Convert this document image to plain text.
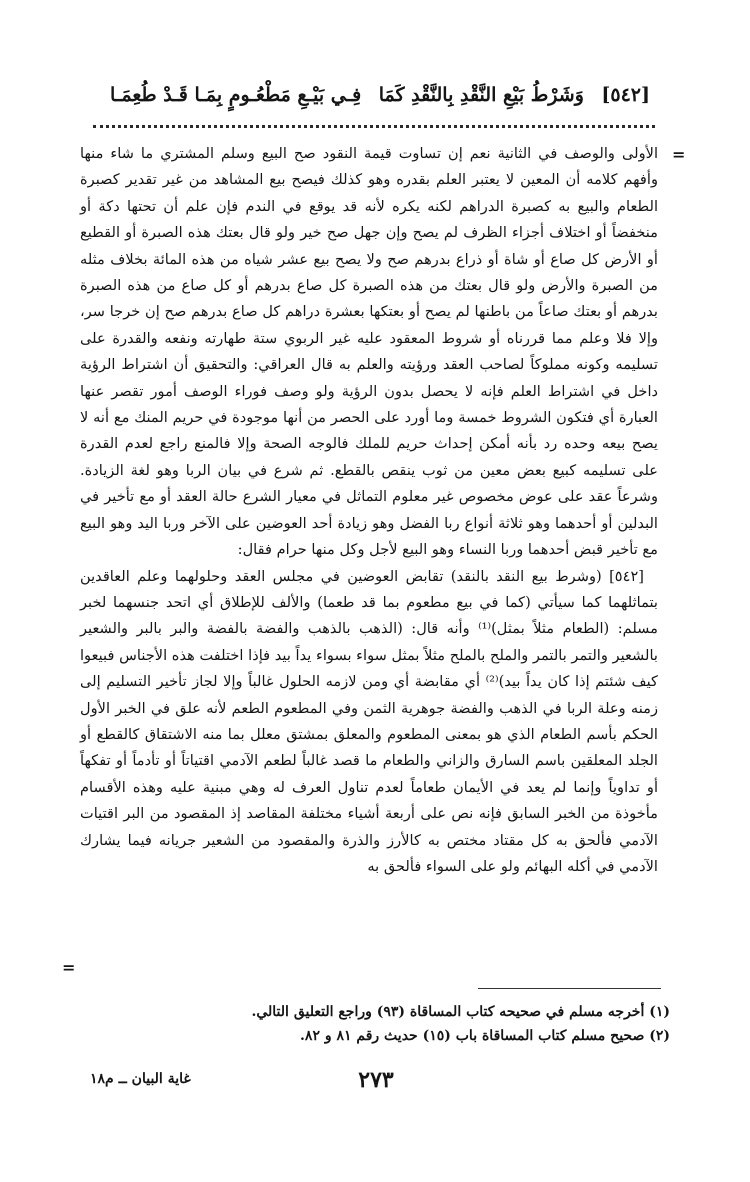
[٥٤٢]
وَشَرْطُ بَيْعِ النَّقْدِ بِالنَّقْدِ كَمَا
فِـي بَيْـعِ مَطْعُـومٍ بِمَـا قَـدْ طُعِمَـا
=

الأولى والوصف في الثانية نعم إن تساوت قيمة النقود صح البيع وسلم المشتري ما شاء منها وأفهم كلامه أن المعين لا يعتبر العلم بقدره وهو كذلك فيصح بيع المشاهد من غير تقدير كصبرة الطعام والبيع به كصبرة الدراهم لكنه يكره لأنه قد يوقع في الندم فإن علم أن تحتها دكة أو منخفضاً أو اختلاف أجزاء الظرف لم يصح وإن جهل صح خير ولو قال بعتك هذه الصبرة أو القطيع أو الأرض كل صاع أو شاة أو ذراع بدرهم صح ولا يصح بيع عشر شياه من هذه المائة بخلاف مثله من الصبرة والأرض ولو قال بعتك من هذه الصبرة كل صاع بدرهم أو كل صاع من هذه الصبرة بدرهم أو بعتك صاعاً من باطنها لم يصح أو بعتكها بعشرة دراهم كل صاع بدرهم صح إن خرجا سر، وإلا فلا وعلم مما قررناه أو شروط المعقود عليه غير الربوي ستة طهارته ونفعه والقدرة على تسليمه وكونه مملوكاً لصاحب العقد ورؤيته والعلم به قال العراقي: والتحقيق أن اشتراط الرؤية داخل في اشتراط العلم فإنه لا يحصل بدون الرؤية ولو وصف فوراء الوصف أمور تقصر عنها العبارة أي فتكون الشروط خمسة وما أورد على الحصر من أنها موجودة في حريم المنك مع أنه لا يصح بيعه وحده رد بأنه أمكن إحداث حريم للملك فالوجه الصحة وإلا فالمنع راجع لعدم القدرة على تسليمه كبيع بعض معين من ثوب ينقص بالقطع. ثم شرع في بيان الربا وهو لغة الزيادة. وشرعاً عقد على عوض مخصوص غير معلوم التماثل في معيار الشرع حالة العقد أو مع تأخير في البدلين أو أحدهما وهو ثلاثة أنواع ربا الفضل وهو زيادة أحد العوضين على الآخر وربا اليد وهو البيع مع تأخير قبض أحدهما وربا النساء وهو البيع لأجل وكل منها حرام فقال:

[٥٤٢] (وشرط بيع النقد بالنقد) تقابض العوضين في مجلس العقد وحلولهما وعلم العاقدين بتماثلهما كما سيأتي (كما في بيع مطعوم بما قد طعما) والألف للإطلاق أي اتحد جنسهما لخبر مسلم: (الطعام مثلاً بمثل)⁽¹⁾ وأنه قال: (الذهب بالذهب والفضة بالفضة والبر بالبر والشعير بالشعير والتمر بالتمر والملح بالملح مثلاً بمثل سواء بسواء يداً بيد فإذا اختلفت هذه الأجناس فبيعوا كيف شئتم إذا كان يداً بيد)⁽²⁾ أي مقابضة أي ومن لازمه الحلول غالباً وإلا لجاز تأخير التسليم إلى زمنه وعلة الربا في الذهب والفضة جوهرية الثمن وفي المطعوم الطعم لأنه علق في الخبر الأول الحكم بأسم الطعام الذي هو بمعنى المطعوم والمعلق بمشتق معلل بما منه الاشتقاق كالقطع أو الجلد المعلقين باسم السارق والزاني والطعام ما قصد غالباً لطعم الآدمي اقتياتاً أو تأدماً أو تفكهاً أو تداوياً وإنما لم يعد في الأيمان طعاماً لعدم تناول العرف له وهي مبنية عليه وهذه الأقسام مأخوذة من الخبر السابق فإنه نص على أربعة أشياء مختلفة المقاصد إذ المقصود من البر اقتيات الآدمي فألحق به كل مقتاد مختص به كالأرز والذرة والمقصود من الشعير جريانه فيما يشارك الآدمي في أكله البهائم ولو على السواء فألحق به

=
(١) أخرجه مسلم في صحيحه كتاب المساقاة (٩٣) وراجع التعليق التالي.
(٢) صحيح مسلم كتاب المساقاة باب (١٥) حديث رقم ٨١ و ٨٢.
٢٧٣
غاية البيان ــ م١٨
